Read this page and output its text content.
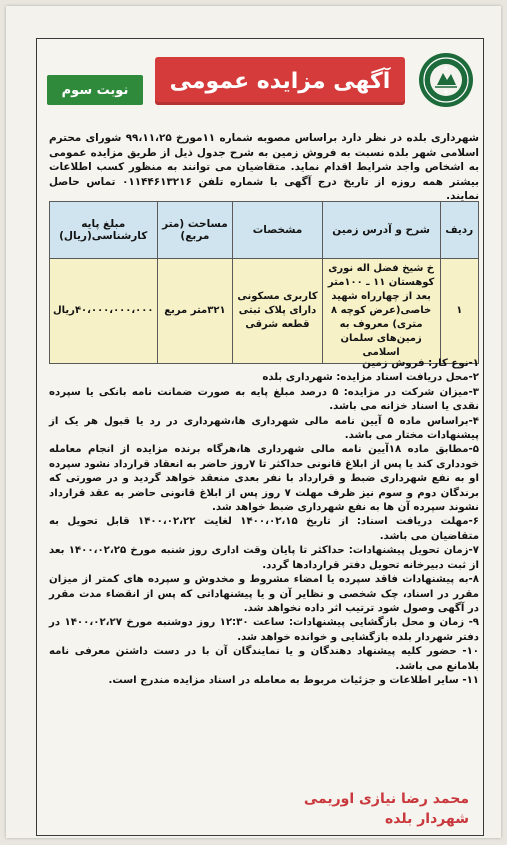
آگهی مزایده عمومی
نوبت سوم
شهرداری بلده در نظر دارد براساس مصوبه شماره ۱۱مورخ ۹۹،۱۱،۲۵ شورای محترم اسلامی شهر بلده نسبت به فروش زمین به شرح جدول ذیل از طریق مزایده عمومی به اشخاص واجد شرایط اقدام نماید. متقاضیان می توانند به منظور کسب اطلاعات بیشتر همه روزه از تاریخ درج آگهی با شماره تلفن ۰۱۱۴۴۶۱۳۲۱۶ تماس حاصل نمایند.
ردیف	شرح و آدرس زمین	مشخصات	مساحت (متر مربع)	مبلغ پایه کارشناسی(ریال)
۱	خ شیخ فضل اله نوری کوهستان ۱۱ ـ ۱۰۰متر بعد از چهارراه شهید خاصی(عرض کوچه ۸ متری) معروف به زمین‌های سلمان اسلامی	کاربری مسکونی دارای پلاک ثبتی قطعه شرقی	۳۲۱متر مربع	۴۰،۰۰۰،۰۰۰،۰۰۰ریال

۱-نوع کار: فروش زمین

۲-محل دریافت اسناد مزایده: شهرداری بلده

۳-میزان شرکت در مزایده: ۵ درصد مبلغ پایه به صورت ضمانت نامه بانکی یا سپرده نقدی یا اسناد خزانه می باشد.

۴-براساس ماده ۵ آیین نامه مالی شهرداری ها،شهرداری در رد یا قبول هر یک از پیشنهادات مختار می باشد.

۵-مطابق ماده ۱۸آیین نامه مالی شهرداری ها،هرگاه برنده مزایده از انجام معامله خودداری کند یا پس از ابلاغ قانونی حداکثر تا ۷روز حاضر به انعقاد قرارداد نشود سپرده او به نفع شهرداری ضبط و قرارداد با نفر بعدی منعقد خواهد گردید و در صورتی که برندگان دوم و سوم نیز ظرف مهلت ۷ روز پس از ابلاغ قانونی حاضر به عقد قرارداد نشوند سپرده آن ها به نفع شهرداری ضبط خواهد شد.

۶-مهلت دریافت اسناد: از تاریخ ۱۴۰۰،۰۲،۱۵ لغایت ۱۴۰۰،۰۲،۲۲ قابل تحویل به متقاضیان می باشد.

۷-زمان تحویل پیشنهادات: حداکثر تا پایان وقت اداری روز شنبه مورخ ۱۴۰۰،۰۲،۲۵ بعد از ثبت دبیرخانه تحویل دفتر قراردادها گردد.

۸-به پیشنهادات فاقد سپرده یا امضاء مشروط و مخدوش و سپرده های کمتر از میزان مقرر در اسناد، چک شخصی و نظایر آن و یا پیشنهاداتی که پس از انقضاء مدت مقرر در آگهی وصول شود ترتیب اثر داده نخواهد شد.

۹- زمان و محل بازگشایی پیشنهادات: ساعت ۱۲:۳۰ روز دوشنبه مورخ ۱۴۰۰،۰۲،۲۷ در دفتر شهردار بلده بازگشایی و خوانده خواهد شد.

۱۰- حضور کلیه پیشنهاد دهندگان و یا نمایندگان آن با در دست داشتن معرفی نامه بلامانع می باشد.

۱۱- سایر اطلاعات و جزئیات مربوط به معامله در اسناد مزایده مندرج است.

محمد رضا نیازی اوریمی
شهردار بلده
